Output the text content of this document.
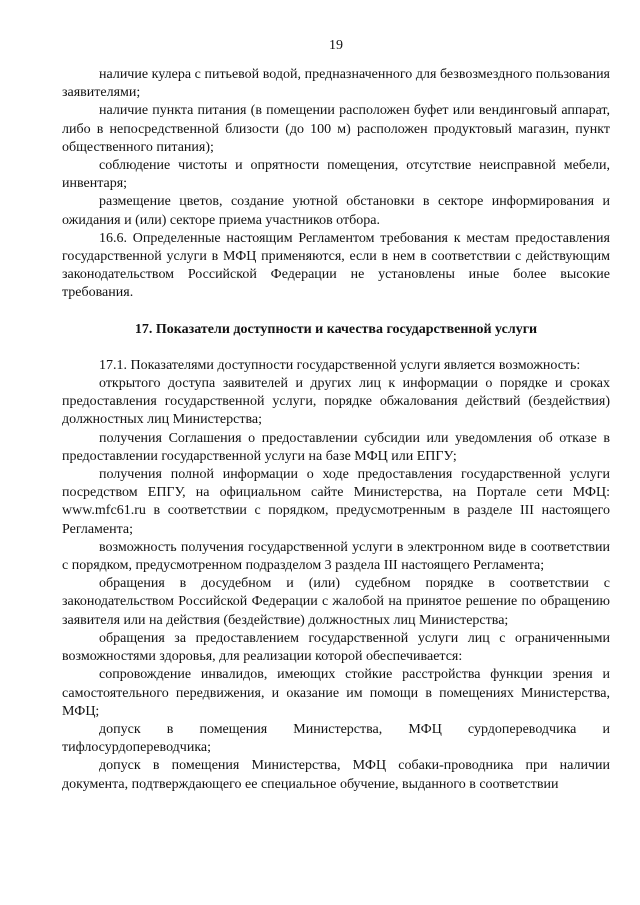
19

наличие кулера с питьевой водой, предназначенного для безвозмездного пользования заявителями;

наличие пункта питания (в помещении расположен буфет или вендинговый аппарат, либо в непосредственной близости (до 100 м) расположен продуктовый магазин, пункт общественного питания);

соблюдение чистоты и опрятности помещения, отсутствие неисправной мебели, инвентаря;

размещение цветов, создание уютной обстановки в секторе информирования и ожидания и (или) секторе приема участников отбора.

16.6. Определенные настоящим Регламентом требования к местам предоставления государственной услуги в МФЦ применяются, если в нем в соответствии с действующим законодательством Российской Федерации не установлены иные более высокие требования.

17. Показатели доступности и качества государственной услуги

17.1. Показателями доступности государственной услуги является возможность:

открытого доступа заявителей и других лиц к информации о порядке и сроках предоставления государственной услуги, порядке обжалования действий (бездействия) должностных лиц Министерства;

получения Соглашения о предоставлении субсидии или уведомления об отказе в предоставлении государственной услуги на базе МФЦ или ЕПГУ;

получения полной информации о ходе предоставления государственной услуги посредством ЕПГУ, на официальном сайте Министерства, на Портале сети МФЦ: www.mfc61.ru в соответствии с порядком, предусмотренным в разделе III настоящего Регламента;

возможность получения государственной услуги в электронном виде в соответствии с порядком, предусмотренном подразделом 3 раздела III настоящего Регламента;

обращения в досудебном и (или) судебном порядке в соответствии с законодательством Российской Федерации с жалобой на принятое решение по обращению заявителя или на действия (бездействие) должностных лиц Министерства;

обращения за предоставлением государственной услуги лиц с ограниченными возможностями здоровья, для реализации которой обеспечивается:

сопровождение инвалидов, имеющих стойкие расстройства функции зрения и самостоятельного передвижения, и оказание им помощи в помещениях Министерства, МФЦ;

допуск в помещения Министерства, МФЦ сурдопереводчика и тифлосурдопереводчика;

допуск в помещения Министерства, МФЦ собаки-проводника при наличии документа, подтверждающего ее специальное обучение, выданного в соответствии
